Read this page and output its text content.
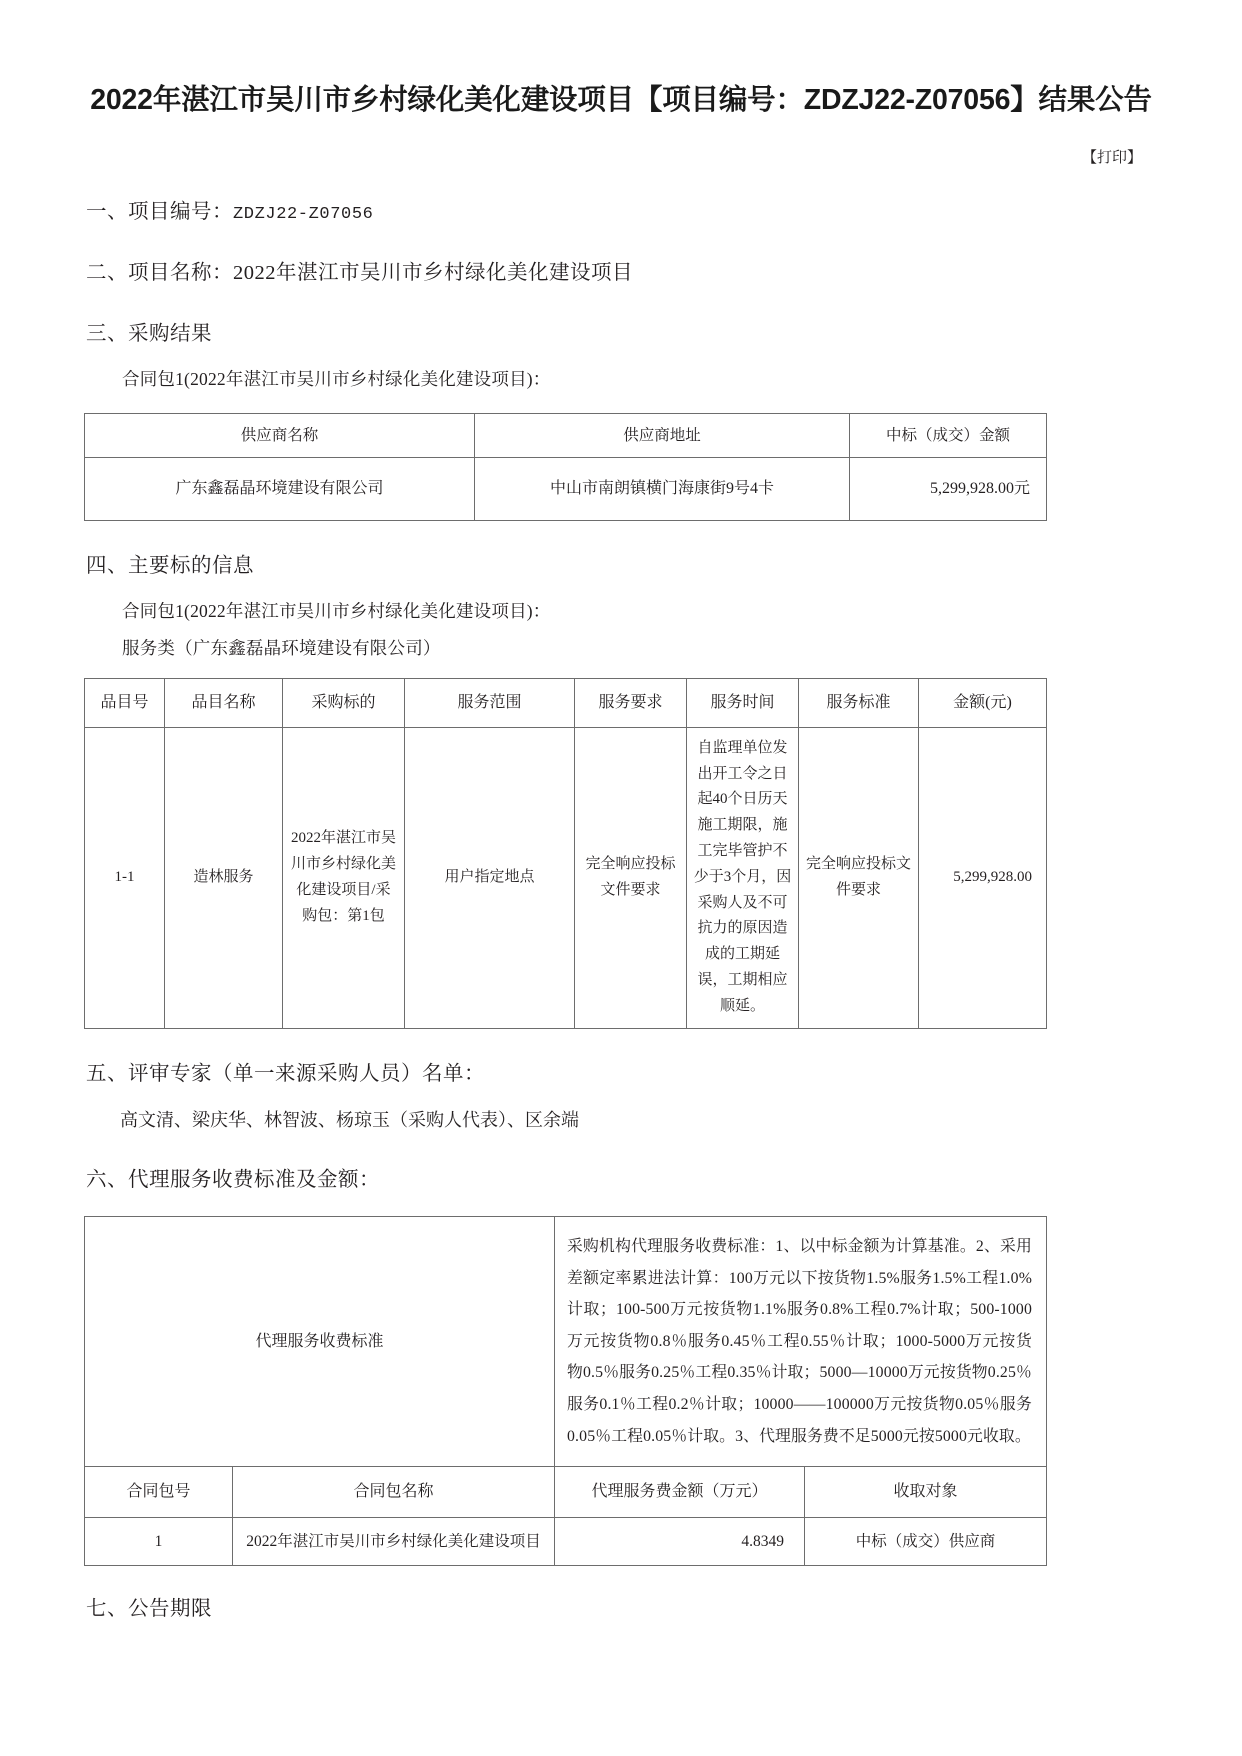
2022年湛江市吴川市乡村绿化美化建设项目【项目编号：ZDZJ22-Z07056】结果公告
【打印】
一、项目编号：ZDZJ22-Z07056
二、项目名称：2022年湛江市吴川市乡村绿化美化建设项目
三、采购结果
合同包1(2022年湛江市吴川市乡村绿化美化建设项目)：
供应商名称	供应商地址	中标（成交）金额
广东鑫磊晶环境建设有限公司	中山市南朗镇横门海康街9号4卡	5,299,928.00元
四、主要标的信息
合同包1(2022年湛江市吴川市乡村绿化美化建设项目)：
服务类（广东鑫磊晶环境建设有限公司）
品目号	品目名称	采购标的	服务范围	服务要求	服务时间	服务标准	金额(元)
1-1	造林服务	2022年湛江市吴川市乡村绿化美化建设项目/采购包：第1包	用户指定地点	完全响应投标文件要求	自监理单位发出开工令之日起40个日历天施工期限，施工完毕管护不少于3个月，因采购人及不可抗力的原因造成的工期延误，工期相应顺延。	完全响应投标文件要求	5,299,928.00
五、评审专家（单一来源采购人员）名单：
高文清、梁庆华、林智波、杨琼玉（采购人代表）、区余端
六、代理服务收费标准及金额：
代理服务收费标准		采购机构代理服务收费标准：1、以中标金额为计算基准。2、采用差额定率累进法计算：100万元以下按货物1.5%服务1.5%工程1.0%计取；100-500万元按货物1.1%服务0.8%工程0.7%计取；500-1000万元按货物0.8％服务0.45％工程0.55％计取；1000-5000万元按货物0.5％服务0.25％工程0.35％计取；5000—10000万元按货物0.25％服务0.1％工程0.2％计取；10000——100000万元按货物0.05％服务0.05％工程0.05％计取。3、代理服务费不足5000元按5000元收取。	
合同包号	合同包名称	代理服务费金额（万元）	收取对象
1	2022年湛江市吴川市乡村绿化美化建设项目	4.8349	中标（成交）供应商
七、公告期限
